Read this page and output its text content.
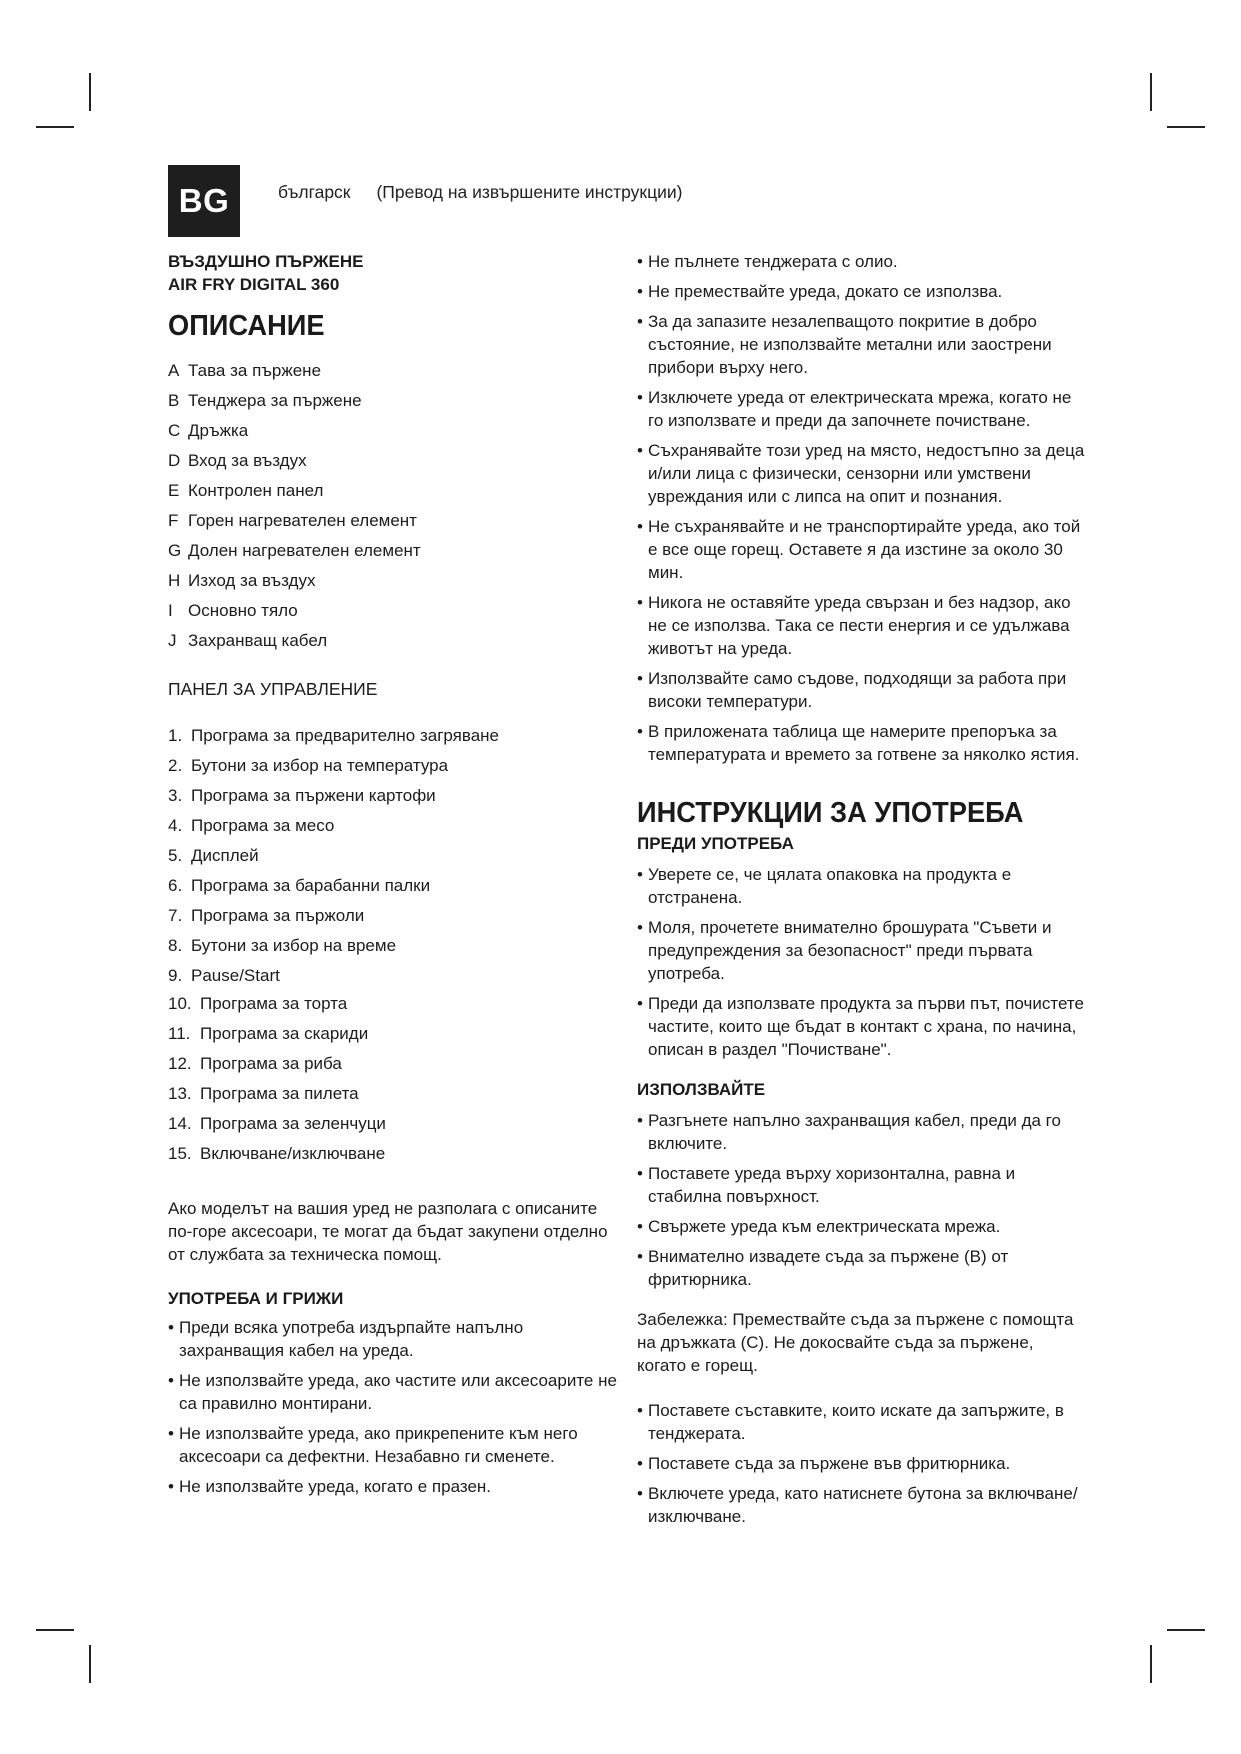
BG	българск (Превод на извършените инструкции)

ВЪЗДУШНО ПЪРЖЕНЕ

AIR FRY DIGITAL 360

ОПИСАНИЕ
A Тава за пържене
B Тенджера за пържене
C Дръжка
D Вход за въздух
E Контролен панел
F Горен нагревателен елемент
G Долен нагревателен елемент
H Изход за въздух
I Основно тяло
J Захранващ кабел

ПАНЕЛ ЗА УПРАВЛЕНИЕ

1. Програма за предварително загряване
2. Бутони за избор на температура
3. Програма за пържени картофи
4. Програма за месо
5. Дисплей
6. Програма за барабанни палки
7. Програма за пържоли
8. Бутони за избор на време
9. Pause/Start
10. Програма за торта
11. Програма за скариди
12. Програма за риба
13. Програма за пилета
14. Програма за зеленчуци
15. Включване/изключване

Ако моделът на вашия уред не разполага с описаните по-горе аксесоари, те могат да бъдат закупени отделно от службата за техническа помощ.

УПОТРЕБА И ГРИЖИ
• Преди всяка употреба издърпайте напълно захранващия кабел на уреда.
• Не използвайте уреда, ако частите или аксесоарите не са правилно монтирани.
• Не използвайте уреда, ако прикрепените към него аксесоари са дефектни. Незабавно ги сменете.
• Не използвайте уреда, когато е празен.
• Не пълнете тенджерата с олио.
• Не премествайте уреда, докато се използва.
• За да запазите незалепващото покритие в добро състояние, не използвайте метални или заострени прибори върху него.
• Изключете уреда от електрическата мрежа, когато не го използвате и преди да започнете почистване.
• Съхранявайте този уред на място, недостъпно за деца и/или лица с физически, сензорни или умствени увреждания или с липса на опит и познания.
• Не съхранявайте и не транспортирайте уреда, ако той е все още горещ. Оставете я да изстине за около 30 мин.
• Никога не оставяйте уреда свързан и без надзор, ако не се използва. Така се пести енергия и се удължава животът на уреда.
• Използвайте само съдове, подходящи за работа при високи температури.
• В приложената таблица ще намерите препоръка за температурата и времето за готвене за няколко ястия.
ИНСТРУКЦИИ ЗА УПОТРЕБА
ПРЕДИ УПОТРЕБА
• Уверете се, че цялата опаковка на продукта е отстранена.
• Моля, прочетете внимателно брошурата "Съвети и предупреждения за безопасност" преди първата употреба.
• Преди да използвате продукта за първи път, почистете частите, които ще бъдат в контакт с храна, по начина, описан в раздел "Почистване".
ИЗПОЛЗВАЙТЕ
• Разгънете напълно захранващия кабел, преди да го включите.
• Поставете уреда върху хоризонтална, равна и стабилна повърхност.
• Свържете уреда към електрическата мрежа.
• Внимателно извадете съда за пържене (B) от фритюрника.

Забележка: Премествайте съда за пържене с помощта на дръжката (C). Не докосвайте съда за пържене, когато е горещ.

• Поставете съставките, които искате да запържите, в тенджерата.
• Поставете съда за пържене във фритюрника.
• Включете уреда, като натиснете бутона за включване/изключване.
